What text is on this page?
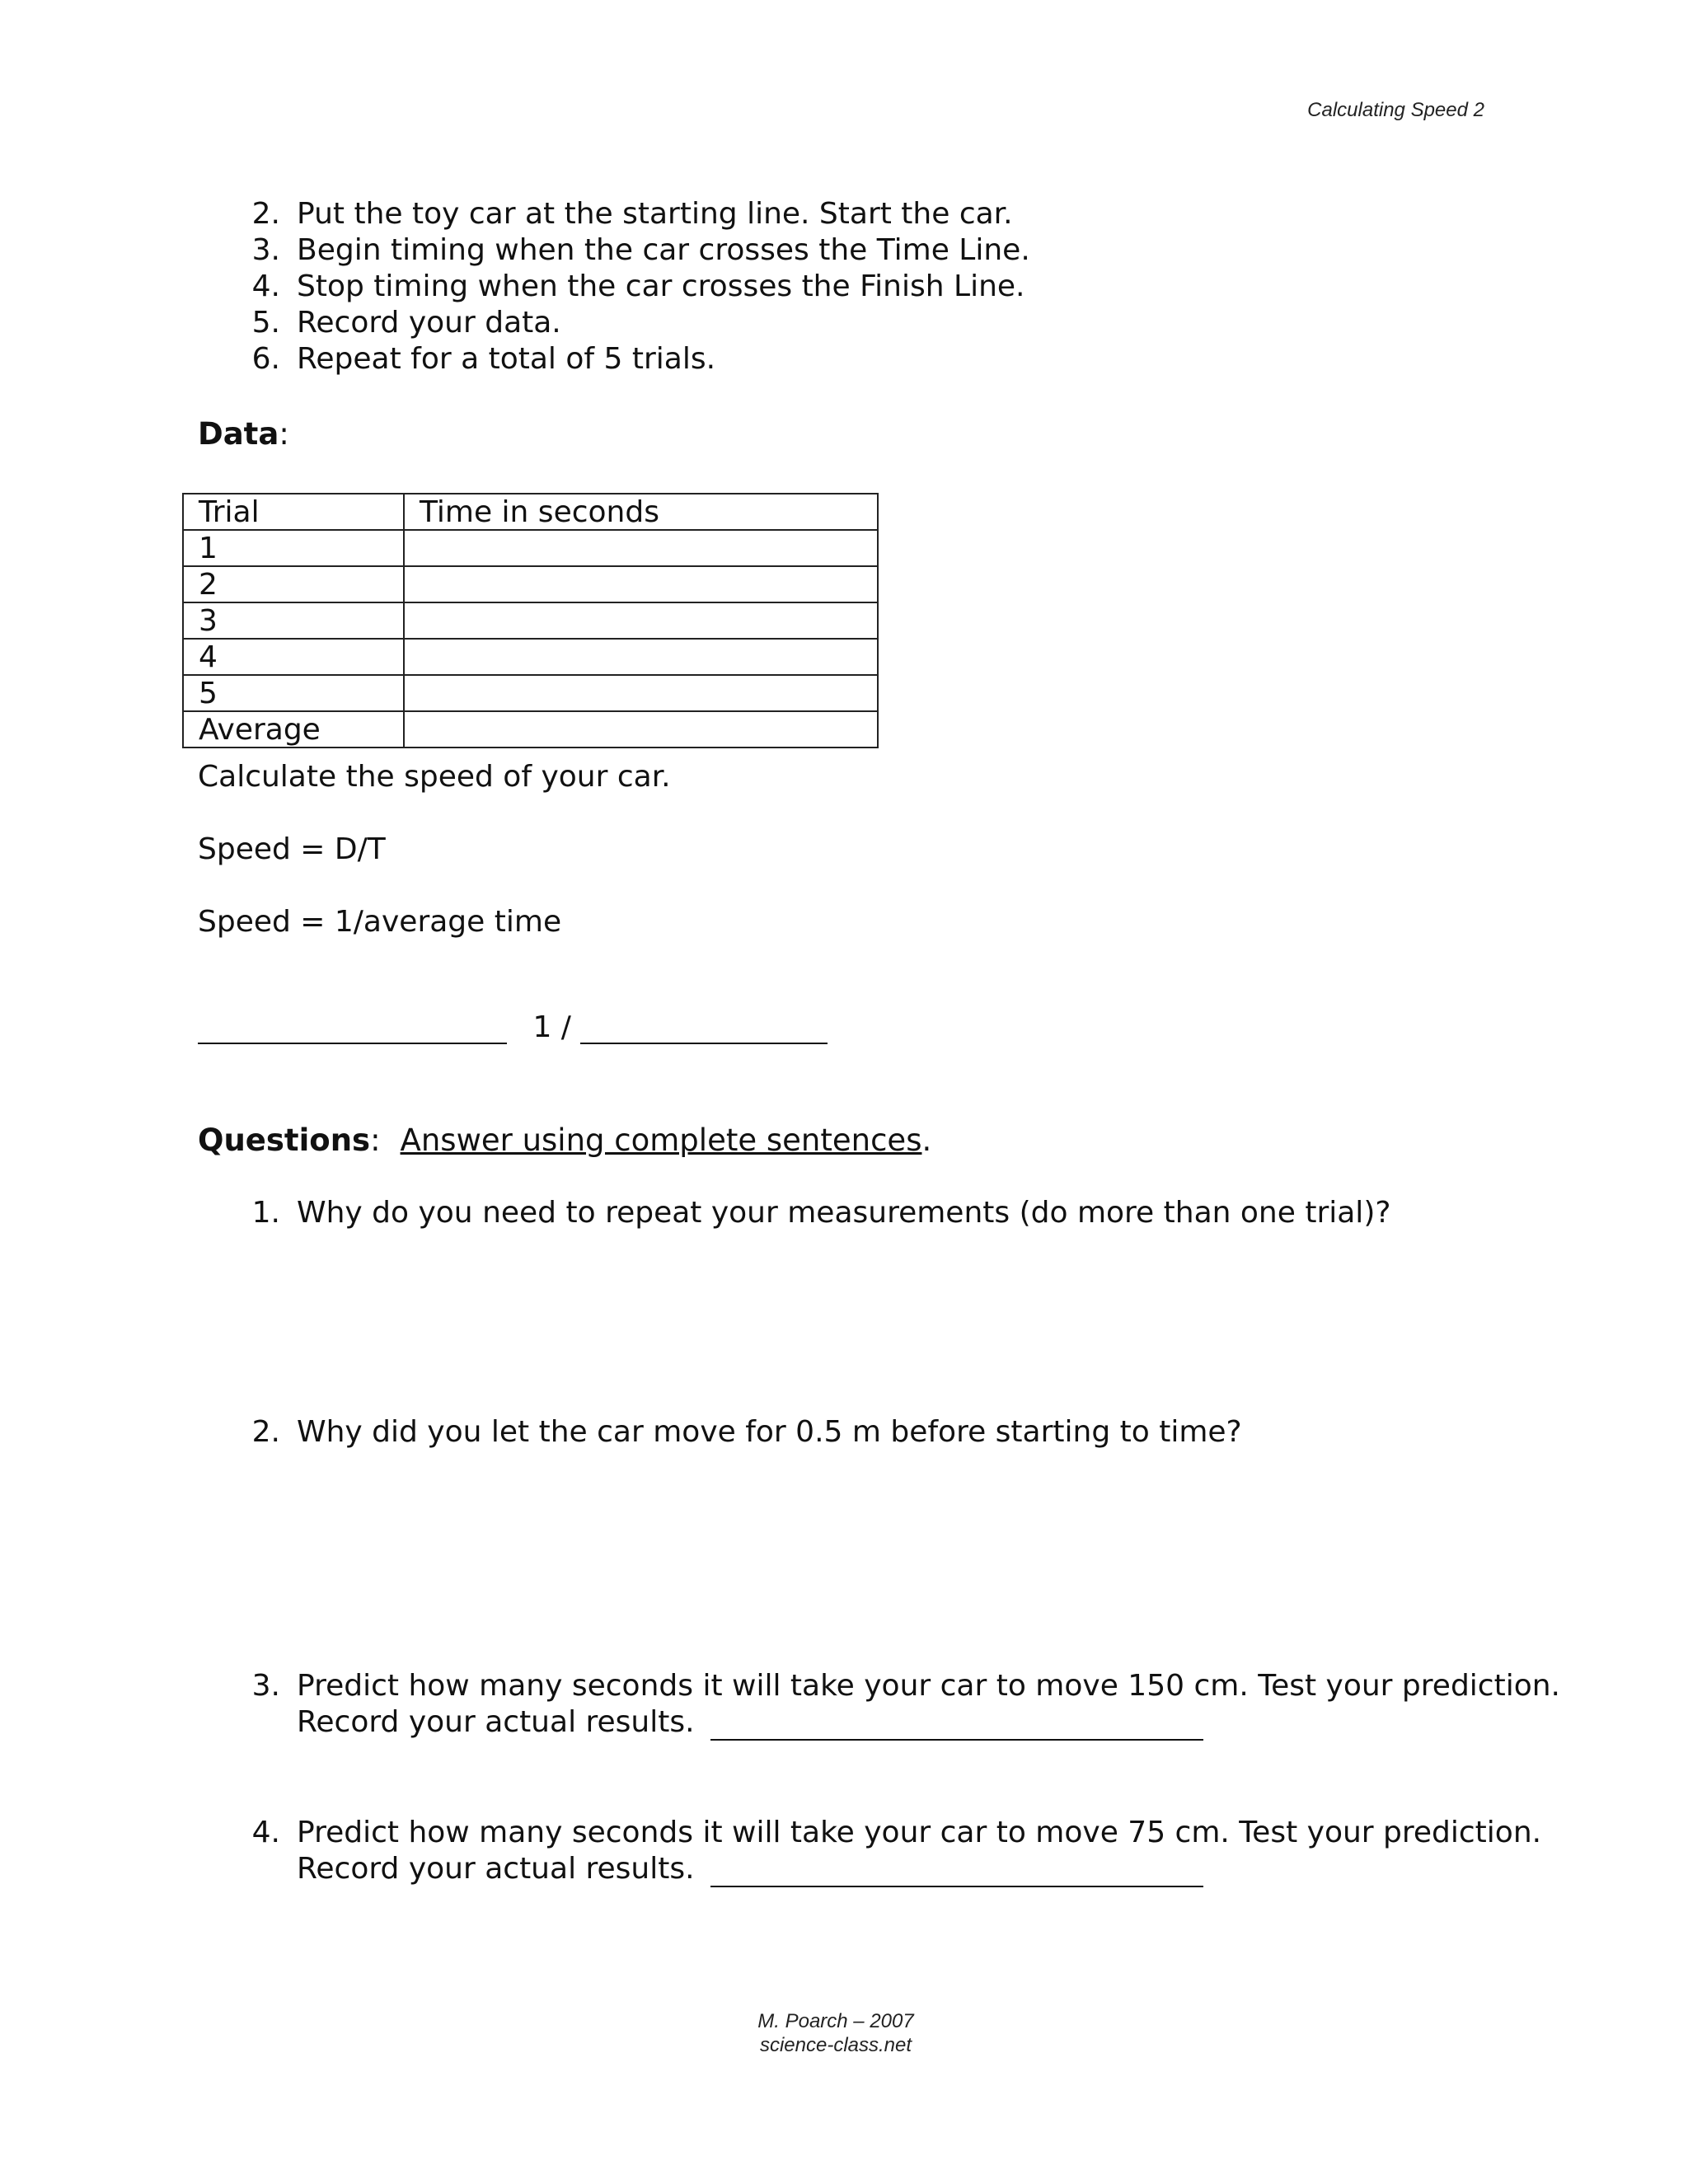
Calculating Speed 2
2. Put the toy car at the starting line. Start the car.
3. Begin timing when the car crosses the Time Line.
4. Stop timing when the car crosses the Finish Line.
5. Record your data.
6. Repeat for a total of 5 trials.
Data:
Trial	Time in seconds
1	
2	
3	
4	
5	
Average	
Calculate the speed of your car.
Speed = D/T
Speed = 1/average time
1 /
Questions: Answer using complete sentences.
1. Why do you need to repeat your measurements (do more than one trial)?
2. Why did you let the car move for 0.5 m before starting to time?
3. Predict how many seconds it will take your car to move 150 cm. Test your prediction.
Record your actual results.
4. Predict how many seconds it will take your car to move 75 cm. Test your prediction.
Record your actual results.
M. Poarch – 2007
science-class.net
